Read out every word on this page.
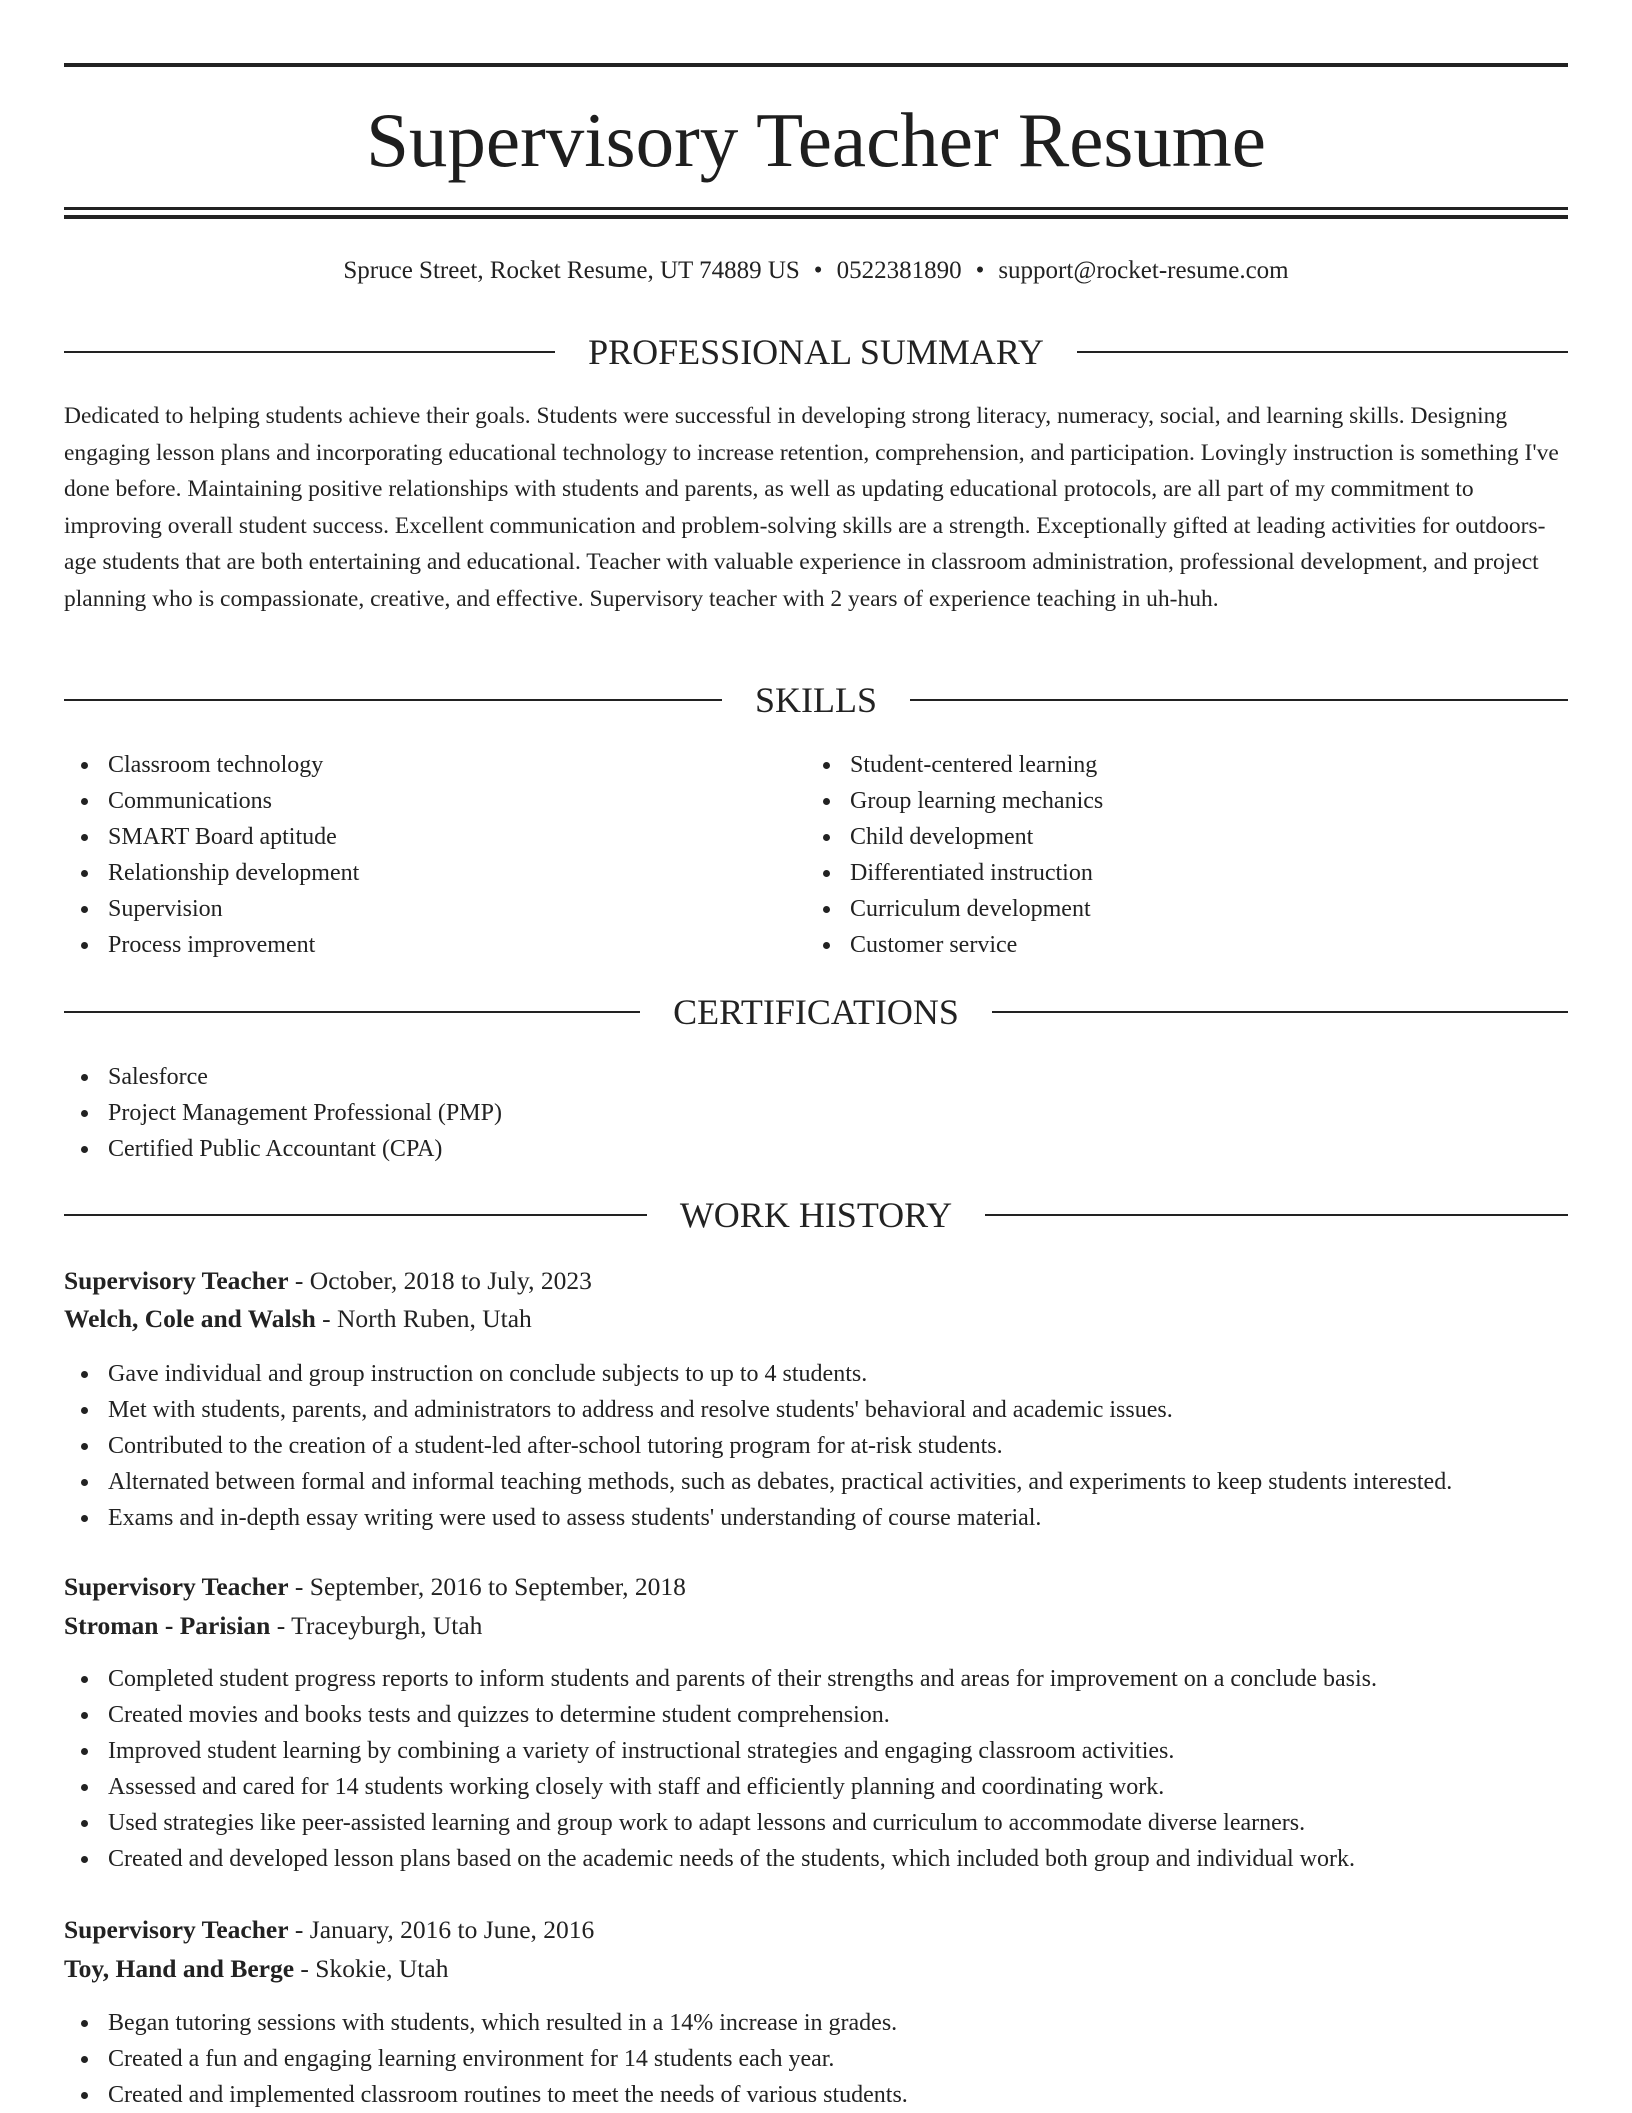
Supervisory Teacher Resume
Spruce Street, Rocket Resume, UT 74889 US • 0522381890 • support@rocket-resume.com
PROFESSIONAL SUMMARY

Dedicated to helping students achieve their goals. Students were successful in developing strong literacy, numeracy, social, and learning skills. Designing engaging lesson plans and incorporating educational technology to increase retention, comprehension, and participation. Lovingly instruction is something I've done before. Maintaining positive relationships with students and parents, as well as updating educational protocols, are all part of my commitment to improving overall student success. Excellent communication and problem-solving skills are a strength. Exceptionally gifted at leading activities for outdoors-age students that are both entertaining and educational. Teacher with valuable experience in classroom administration, professional development, and project planning who is compassionate, creative, and effective. Supervisory teacher with 2 years of experience teaching in uh-huh.

SKILLS
Classroom technology
Communications
SMART Board aptitude
Relationship development
Supervision
Process improvement
Student-centered learning
Group learning mechanics
Child development
Differentiated instruction
Curriculum development
Customer service
CERTIFICATIONS
Salesforce
Project Management Professional (PMP)
Certified Public Accountant (CPA)
WORK HISTORY
Supervisory Teacher - October, 2018 to July, 2023
Welch, Cole and Walsh - North Ruben, Utah
Gave individual and group instruction on conclude subjects to up to 4 students.
Met with students, parents, and administrators to address and resolve students' behavioral and academic issues.
Contributed to the creation of a student-led after-school tutoring program for at-risk students.
Alternated between formal and informal teaching methods, such as debates, practical activities, and experiments to keep students interested.
Exams and in-depth essay writing were used to assess students' understanding of course material.
Supervisory Teacher - September, 2016 to September, 2018
Stroman - Parisian - Traceyburgh, Utah
Completed student progress reports to inform students and parents of their strengths and areas for improvement on a conclude basis.
Created movies and books tests and quizzes to determine student comprehension.
Improved student learning by combining a variety of instructional strategies and engaging classroom activities.
Assessed and cared for 14 students working closely with staff and efficiently planning and coordinating work.
Used strategies like peer-assisted learning and group work to adapt lessons and curriculum to accommodate diverse learners.
Created and developed lesson plans based on the academic needs of the students, which included both group and individual work.
Supervisory Teacher - January, 2016 to June, 2016
Toy, Hand and Berge - Skokie, Utah
Began tutoring sessions with students, which resulted in a 14% increase in grades.
Created a fun and engaging learning environment for 14 students each year.
Created and implemented classroom routines to meet the needs of various students.
